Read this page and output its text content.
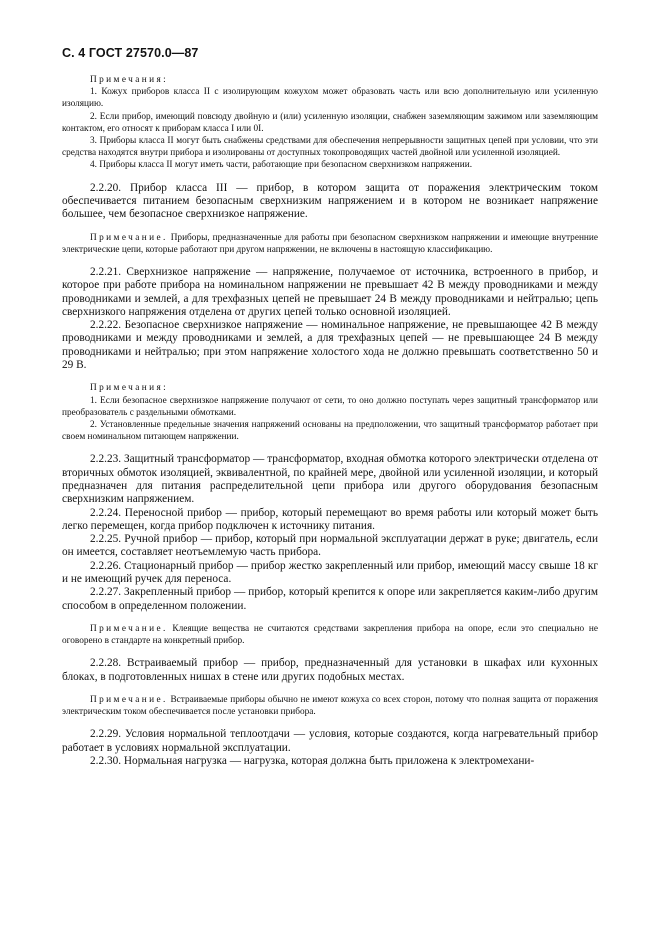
С. 4 ГОСТ 27570.0—87

Примечания:

1. Кожух приборов класса II с изолирующим кожухом может образовать часть или всю дополнительную или усиленную изоляцию.

2. Если прибор, имеющий повсюду двойную и (или) усиленную изоляции, снабжен заземляющим зажимом или заземляющим контактом, его относят к приборам класса I или 0I.

3. Приборы класса II могут быть снабжены средствами для обеспечения непрерывности защитных цепей при условии, что эти средства находятся внутри прибора и изолированы от доступных токопроводящих частей двойной или усиленной изоляцией.

4. Приборы класса II могут иметь части, работающие при безопасном сверхнизком напряжении.

2.2.20. Прибор класса III — прибор, в котором защита от поражения электрическим током обеспечивается питанием безопасным сверхнизким напряжением и в котором не возникает напряжение большее, чем безопасное сверхнизкое напряжение.

Примечание. Приборы, предназначенные для работы при безопасном сверхнизком напряжении и имеющие внутренние электрические цепи, которые работают при другом напряжении, не включены в настоящую классификацию.

2.2.21. Сверхнизкое напряжение — напряжение, получаемое от источника, встроенного в прибор, и которое при работе прибора на номинальном напряжении не превышает 42 В между проводниками и между проводниками и землей, а для трехфазных цепей не превышает 24 В между проводниками и нейтралью; цепь сверхнизкого напряжения отделена от других цепей только основной изоляцией.

2.2.22. Безопасное сверхнизкое напряжение — номинальное напряжение, не превышающее 42 В между проводниками и между проводниками и землей, а для трехфазных цепей — не превышающее 24 В между проводниками и нейтралью; при этом напряжение холостого хода не должно превышать соответственно 50 и 29 В.

Примечания:

1. Если безопасное сверхнизкое напряжение получают от сети, то оно должно поступать через защитный трансформатор или преобразователь с раздельными обмотками.

2. Установленные предельные значения напряжений основаны на предположении, что защитный трансформатор работает при своем номинальном питающем напряжении.

2.2.23. Защитный трансформатор — трансформатор, входная обмотка которого электрически отделена от вторичных обмоток изоляцией, эквивалентной, по крайней мере, двойной или усиленной изоляции, и который предназначен для питания распределительной цепи прибора или другого оборудования безопасным сверхнизким напряжением.

2.2.24. Переносной прибор — прибор, который перемещают во время работы или который может быть легко перемещен, когда прибор подключен к источнику питания.

2.2.25. Ручной прибор — прибор, который при нормальной эксплуатации держат в руке; двигатель, если он имеется, составляет неотъемлемую часть прибора.

2.2.26. Стационарный прибор — прибор жестко закрепленный или прибор, имеющий массу свыше 18 кг и не имеющий ручек для переноса.

2.2.27. Закрепленный прибор — прибор, который крепится к опоре или закрепляется каким-либо другим способом в определенном положении.

Примечание. Клеящие вещества не считаются средствами закрепления прибора на опоре, если это специально не оговорено в стандарте на конкретный прибор.

2.2.28. Встраиваемый прибор — прибор, предназначенный для установки в шкафах или кухонных блоках, в подготовленных нишах в стене или других подобных местах.

Примечание. Встраиваемые приборы обычно не имеют кожуха со всех сторон, потому что полная защита от поражения электрическим током обеспечивается после установки прибора.

2.2.29. Условия нормальной теплоотдачи — условия, которые создаются, когда нагревательный прибор работает в условиях нормальной эксплуатации.

2.2.30. Нормальная нагрузка — нагрузка, которая должна быть приложена к электромехани-
